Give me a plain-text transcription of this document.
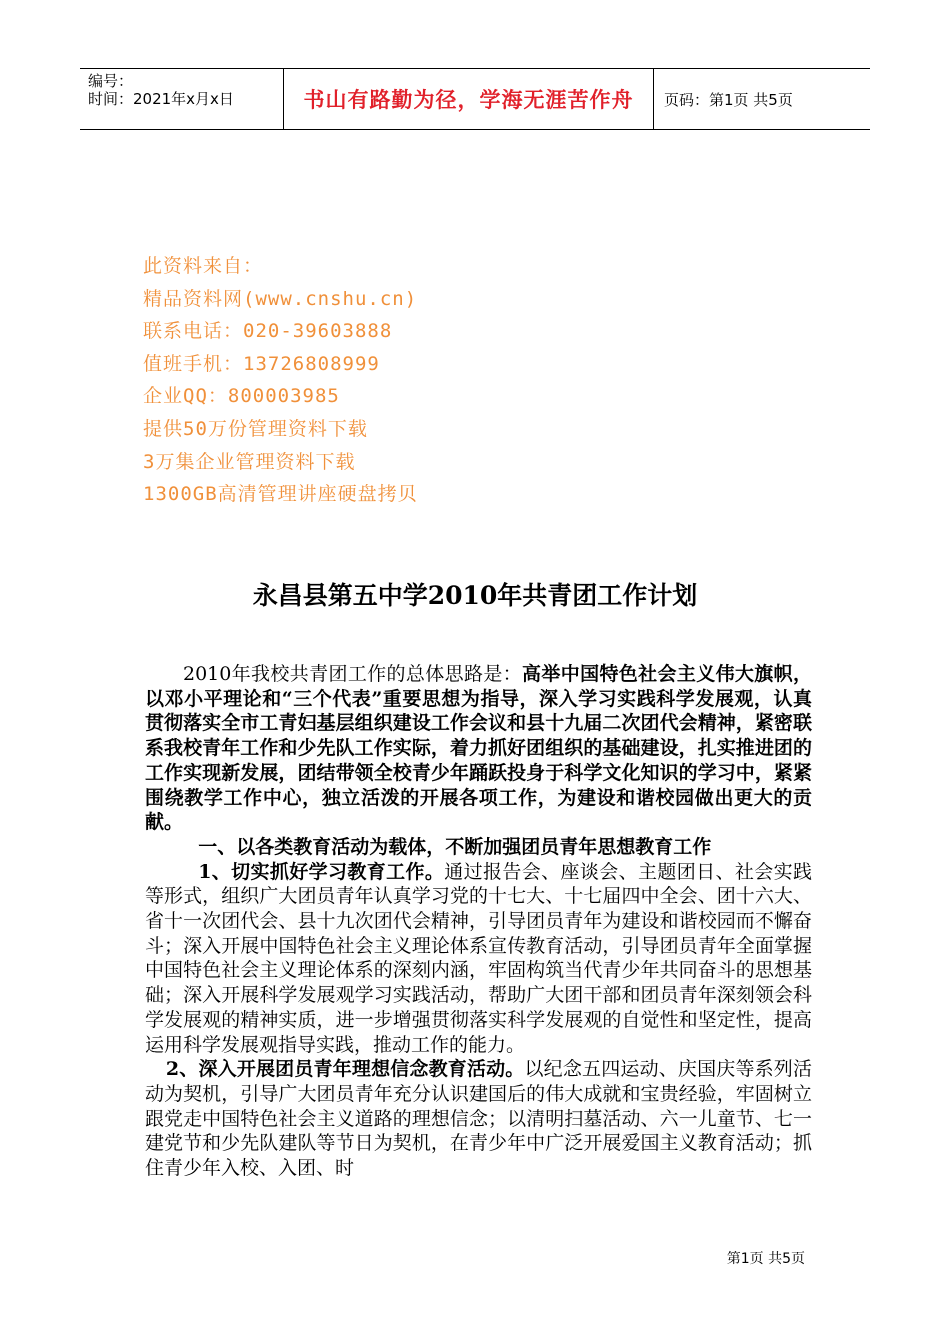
编号：
时间：2021年x月x日	书山有路勤为径，学海无涯苦作舟	页码：第1页 共5页
此资料来自：
精品资料网(www.cnshu.cn)
联系电话：020-39603888
值班手机：13726808999
企业QQ：800003985
提供50万份管理资料下载
3万集企业管理资料下载
1300GB高清管理讲座硬盘拷贝
永昌县第五中学2010年共青团工作计划

2010年我校共青团工作的总体思路是：高举中国特色社会主义伟大旗帜，以邓小平理论和“三个代表”重要思想为指导，深入学习实践科学发展观，认真贯彻落实全市工青妇基层组织建设工作会议和县十九届二次团代会精神，紧密联系我校青年工作和少先队工作实际，着力抓好团组织的基础建设，扎实推进团的工作实现新发展，团结带领全校青少年踊跃投身于科学文化知识的学习中，紧紧围绕教学工作中心，独立活泼的开展各项工作，为建设和谐校园做出更大的贡献。

一、以各类教育活动为载体，不断加强团员青年思想教育工作

1、切实抓好学习教育工作。通过报告会、座谈会、主题团日、社会实践等形式，组织广大团员青年认真学习党的十七大、十七届四中全会、团十六大、省十一次团代会、县十九次团代会精神，引导团员青年为建设和谐校园而不懈奋斗；深入开展中国特色社会主义理论体系宣传教育活动，引导团员青年全面掌握中国特色社会主义理论体系的深刻内涵，牢固构筑当代青少年共同奋斗的思想基础；深入开展科学发展观学习实践活动，帮助广大团干部和团员青年深刻领会科学发展观的精神实质，进一步增强贯彻落实科学发展观的自觉性和坚定性，提高运用科学发展观指导实践，推动工作的能力。

2、深入开展团员青年理想信念教育活动。以纪念五四运动、庆国庆等系列活动为契机，引导广大团员青年充分认识建国后的伟大成就和宝贵经验，牢固树立跟党走中国特色社会主义道路的理想信念；以清明扫墓活动、六一儿童节、七一建党节和少先队建队等节日为契机，在青少年中广泛开展爱国主义教育活动；抓住青少年入校、入团、时

第1页 共5页
